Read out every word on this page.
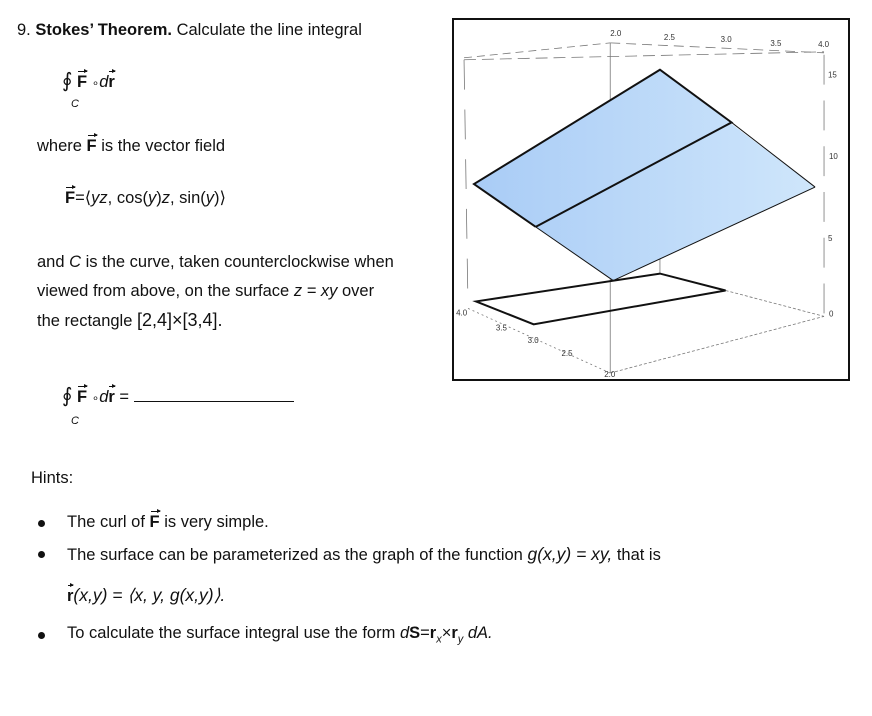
9. Stokes’ Theorem. Calculate the line integral
∮ F ∘dr
C
where F is the vector field
F=⟨yz, cos(y)z, sin(y)⟩
and C is the curve, taken counterclockwise when
viewed from above, on the surface z = xy over
the rectangle [2,4]×[3,4].
∮ F ∘dr =
C
2.0	2.5	3.0	3.5	4.0
4.0
3.5
3.0
2.5
2.0
15
10
5
0
Hints:
The curl of F is very simple.
The surface can be parameterized as the graph of the function g(x,y) = xy, that is
r(x,y) = ⟨x, y, g(x,y)⟩.
To calculate the surface integral use the form $dS=r_x\times r_y$ dA.
